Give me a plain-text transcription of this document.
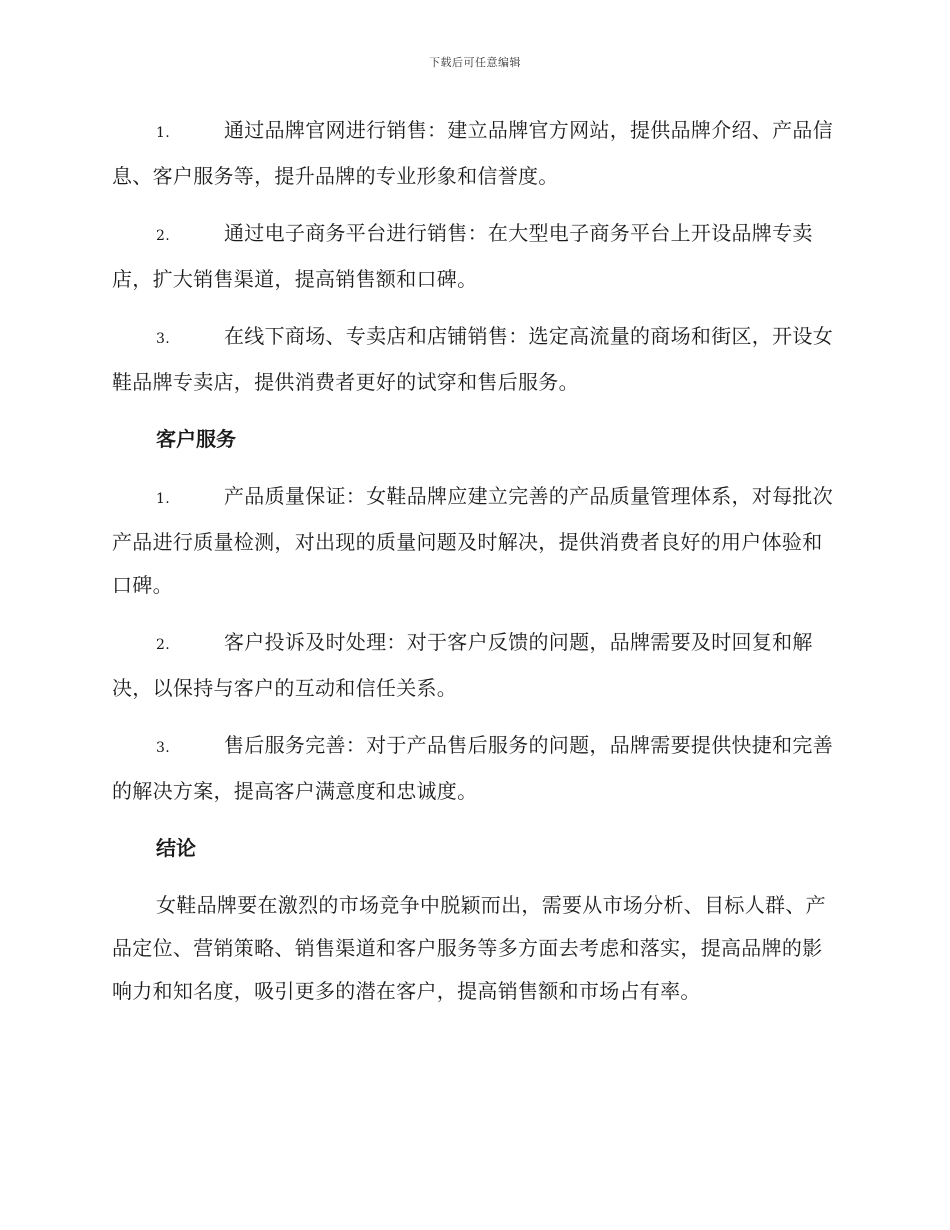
下载后可任意编辑

1.	通过品牌官网进行销售：建立品牌官方网站，提供品牌介绍、产品信息、客户服务等，提升品牌的专业形象和信誉度。

2.	通过电子商务平台进行销售：在大型电子商务平台上开设品牌专卖店，扩大销售渠道，提高销售额和口碑。

3.	在线下商场、专卖店和店铺销售：选定高流量的商场和街区，开设女鞋品牌专卖店，提供消费者更好的试穿和售后服务。

客户服务

1.	产品质量保证：女鞋品牌应建立完善的产品质量管理体系，对每批次产品进行质量检测，对出现的质量问题及时解决，提供消费者良好的用户体验和口碑。

2.	客户投诉及时处理：对于客户反馈的问题，品牌需要及时回复和解决，以保持与客户的互动和信任关系。

3.	售后服务完善：对于产品售后服务的问题，品牌需要提供快捷和完善的解决方案，提高客户满意度和忠诚度。

结论

女鞋品牌要在激烈的市场竞争中脱颖而出，需要从市场分析、目标人群、产品定位、营销策略、销售渠道和客户服务等多方面去考虑和落实，提高品牌的影响力和知名度，吸引更多的潜在客户，提高销售额和市场占有率。
